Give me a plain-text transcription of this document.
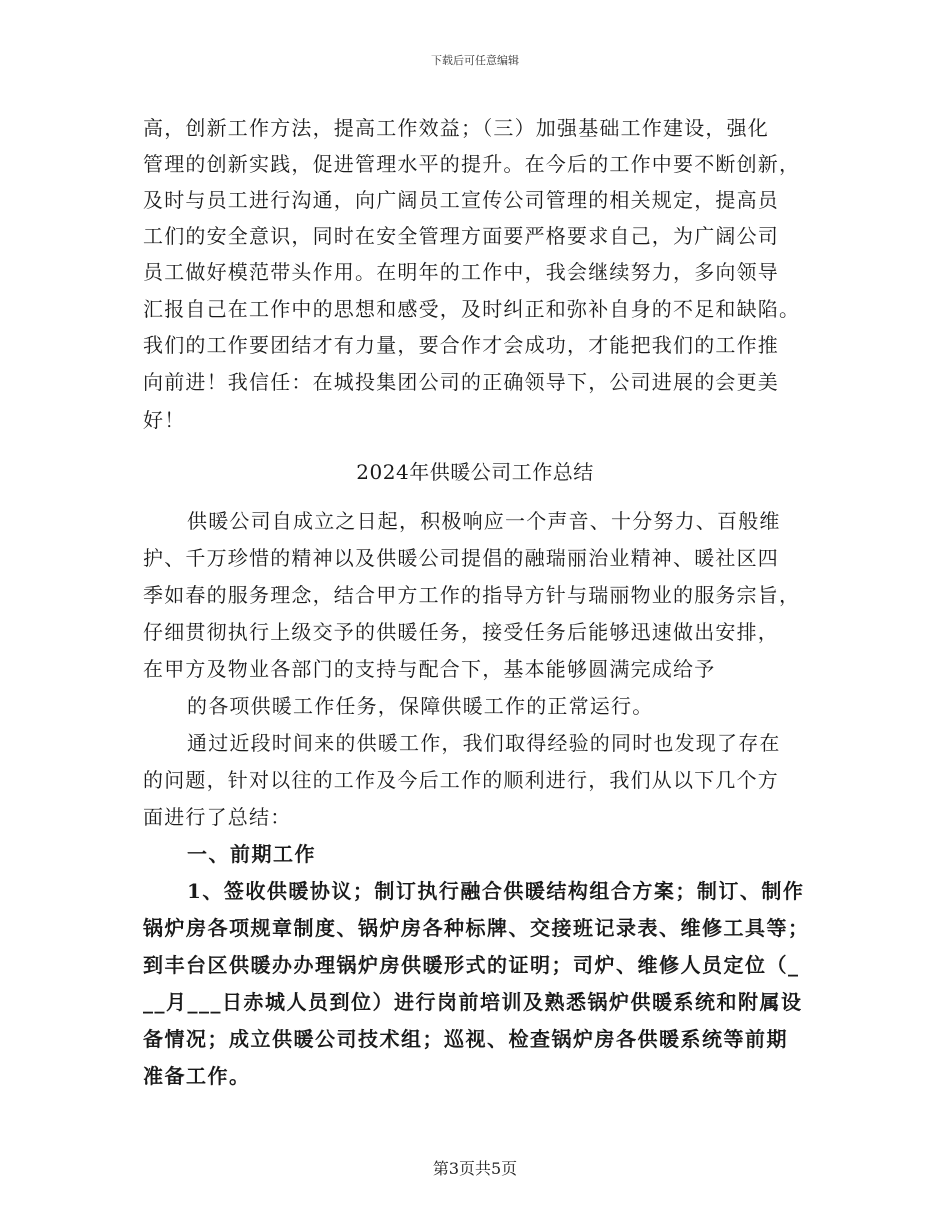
下载后可任意编辑
高，创新工作方法，提高工作效益；（三）加强基础工作建设，强化
管理的创新实践，促进管理水平的提升。在今后的工作中要不断创新，
及时与员工进行沟通，向广阔员工宣传公司管理的相关规定，提高员
工们的安全意识，同时在安全管理方面要严格要求自己，为广阔公司
员工做好模范带头作用。在明年的工作中，我会继续努力，多向领导
汇报自己在工作中的思想和感受，及时纠正和弥补自身的不足和缺陷。
我们的工作要团结才有力量，要合作才会成功，才能把我们的工作推
向前进！我信任：在城投集团公司的正确领导下，公司进展的会更美
好！
2024年供暖公司工作总结
供暖公司自成立之日起，积极响应一个声音、十分努力、百般维
护、千万珍惜的精神以及供暖公司提倡的融瑞丽治业精神、暖社区四
季如春的服务理念，结合甲方工作的指导方针与瑞丽物业的服务宗旨，
仔细贯彻执行上级交予的供暖任务，接受任务后能够迅速做出安排，
在甲方及物业各部门的支持与配合下，基本能够圆满完成给予
的各项供暖工作任务，保障供暖工作的正常运行。
通过近段时间来的供暖工作，我们取得经验的同时也发现了存在
的问题，针对以往的工作及今后工作的顺利进行，我们从以下几个方
面进行了总结：
一、前期工作
1、签收供暖协议；制订执行融合供暖结构组合方案；制订、制作
锅炉房各项规章制度、锅炉房各种标牌、交接班记录表、维修工具等；
到丰台区供暖办办理锅炉房供暖形式的证明；司炉、维修人员定位（_
__月___日赤城人员到位）进行岗前培训及熟悉锅炉供暖系统和附属设
备情况；成立供暖公司技术组；巡视、检查锅炉房各供暖系统等前期
准备工作。
第3页共5页
